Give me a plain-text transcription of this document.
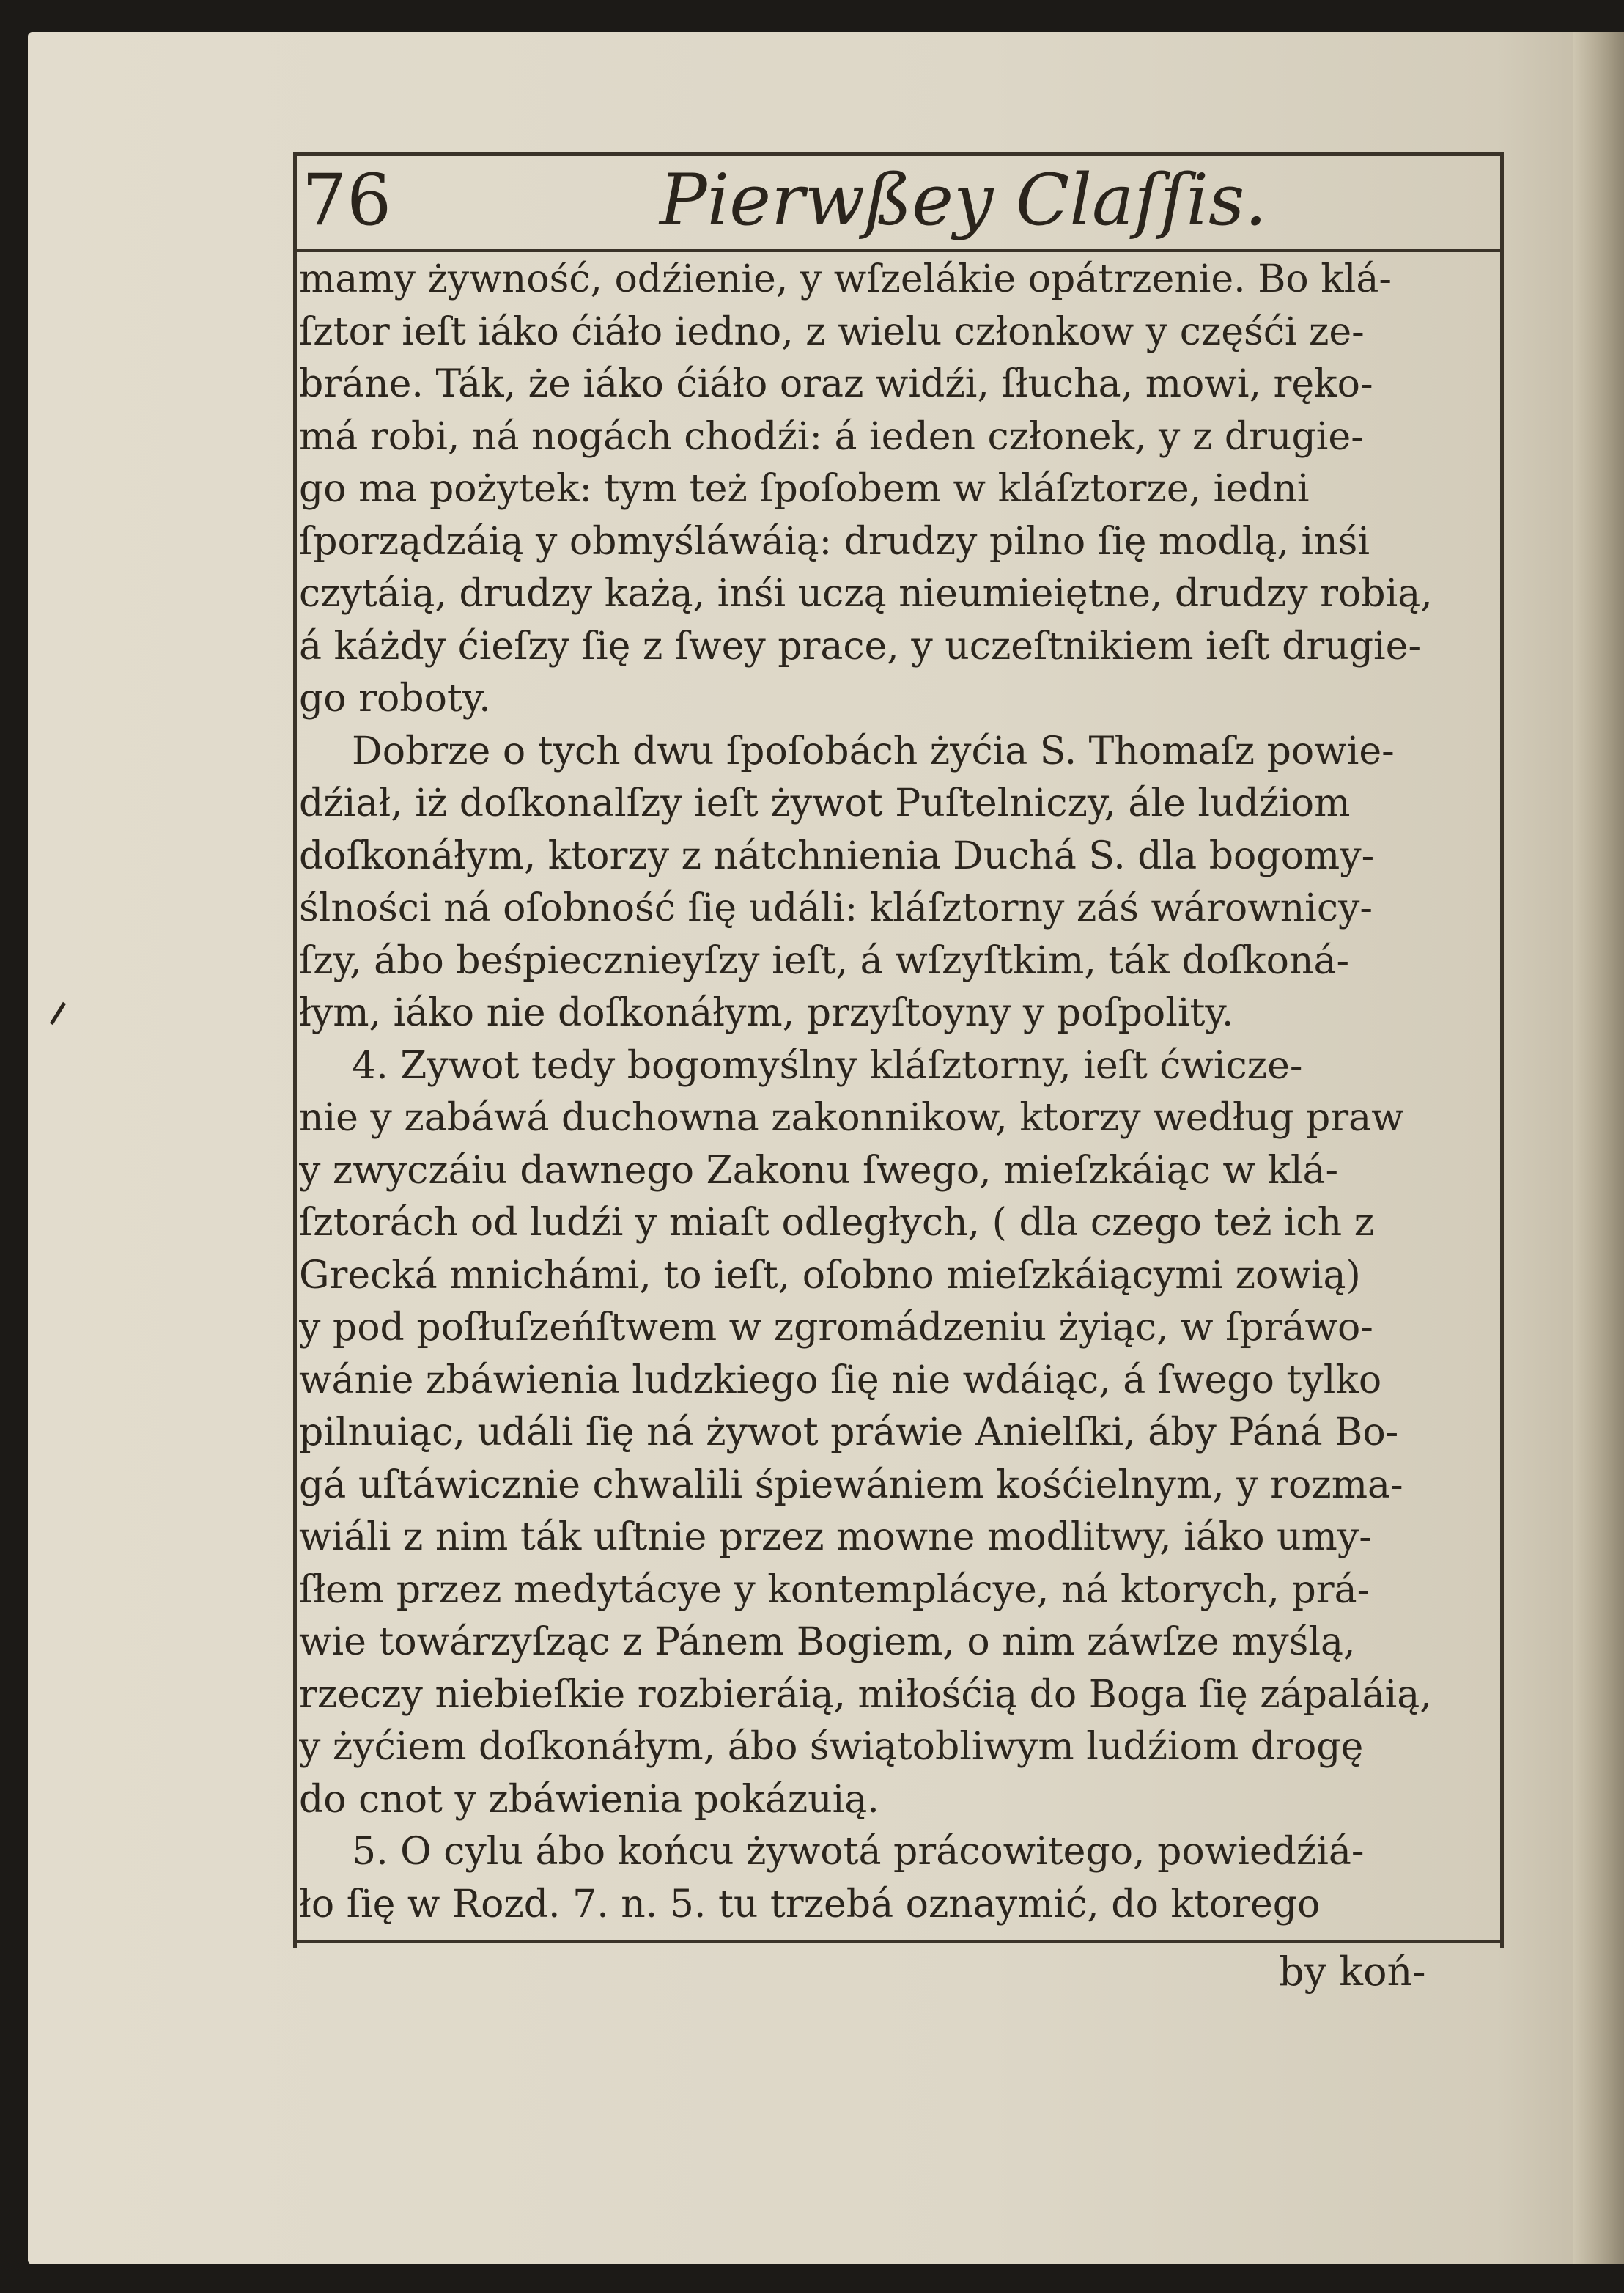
76	Pierwßey Claſſis.
mamy żywność, odźienie, y wſzelákie opátrzenie. Bo klá-
ſztor ieſt iáko ćiáło iedno, z wielu członkow y częśći ze-
bráne. Ták, że iáko ćiáło oraz widźi, ſłucha, mowi, ręko-
má robi, ná nogách chodźi: á ieden członek, y z drugie-
go ma pożytek: tym też ſpoſobem w kláſztorze, iedni
ſporządzáią y obmyśláwáią: drudzy pilno ſię modlą, inśi
czytáią, drudzy każą, inśi uczą nieumieiętne, drudzy robią,
á káżdy ćieſzy ſię z ſwey prace, y uczeſtnikiem ieſt drugie-
go roboty.
Dobrze o tych dwu ſpoſobách żyćia S. Thomaſz powie-
dźiał, iż doſkonalſzy ieſt żywot Puſtelniczy, ále ludźiom
doſkonáłym, ktorzy z nátchnienia Duchá S. dla bogomy-
ślności ná oſobność ſię událi: kláſztorny záś wárownicy-
ſzy, ábo beśpiecznieyſzy ieſt, á wſzyſtkim, ták doſkoná-
łym, iáko nie doſkonáłym, przyſtoyny y poſpolity.
4. Zywot tedy bogomyślny kláſztorny, ieſt ćwicze-
nie y zabáwá duchowna zakonnikow, ktorzy według praw
y zwyczáiu dawnego Zakonu ſwego, mieſzkáiąc w klá-
ſztorách od ludźi y miaſt odległych, ( dla czego też ich z
Grecká mnichámi, to ieſt, oſobno mieſzkáiącymi zowią)
y pod poſłuſzeńſtwem w zgromádzeniu żyiąc, w ſpráwo-
wánie zbáwienia ludzkiego ſię nie wdáiąc, á ſwego tylko
pilnuiąc, událi ſię ná żywot práwie Anielſki, áby Páná Bo-
gá uſtáwicznie chwalili śpiewániem kośćielnym, y rozma-
wiáli z nim ták uſtnie przez mowne modlitwy, iáko umy-
ſłem przez medytácye y kontemplácye, ná ktorych, prá-
wie towárzyſząc z Pánem Bogiem, o nim záwſze myślą,
rzeczy niebieſkie rozbieráią, miłośćią do Boga ſię zápaláią,
y żyćiem doſkonáłym, ábo świątobliwym ludźiom drogę
do cnot y zbáwienia pokázuią.
5. O cylu ábo końcu żywotá prácowitego, powiedźiá-
ło ſię w Rozd. 7. n. 5. tu trzebá oznaymić, do ktorego
by koń-
